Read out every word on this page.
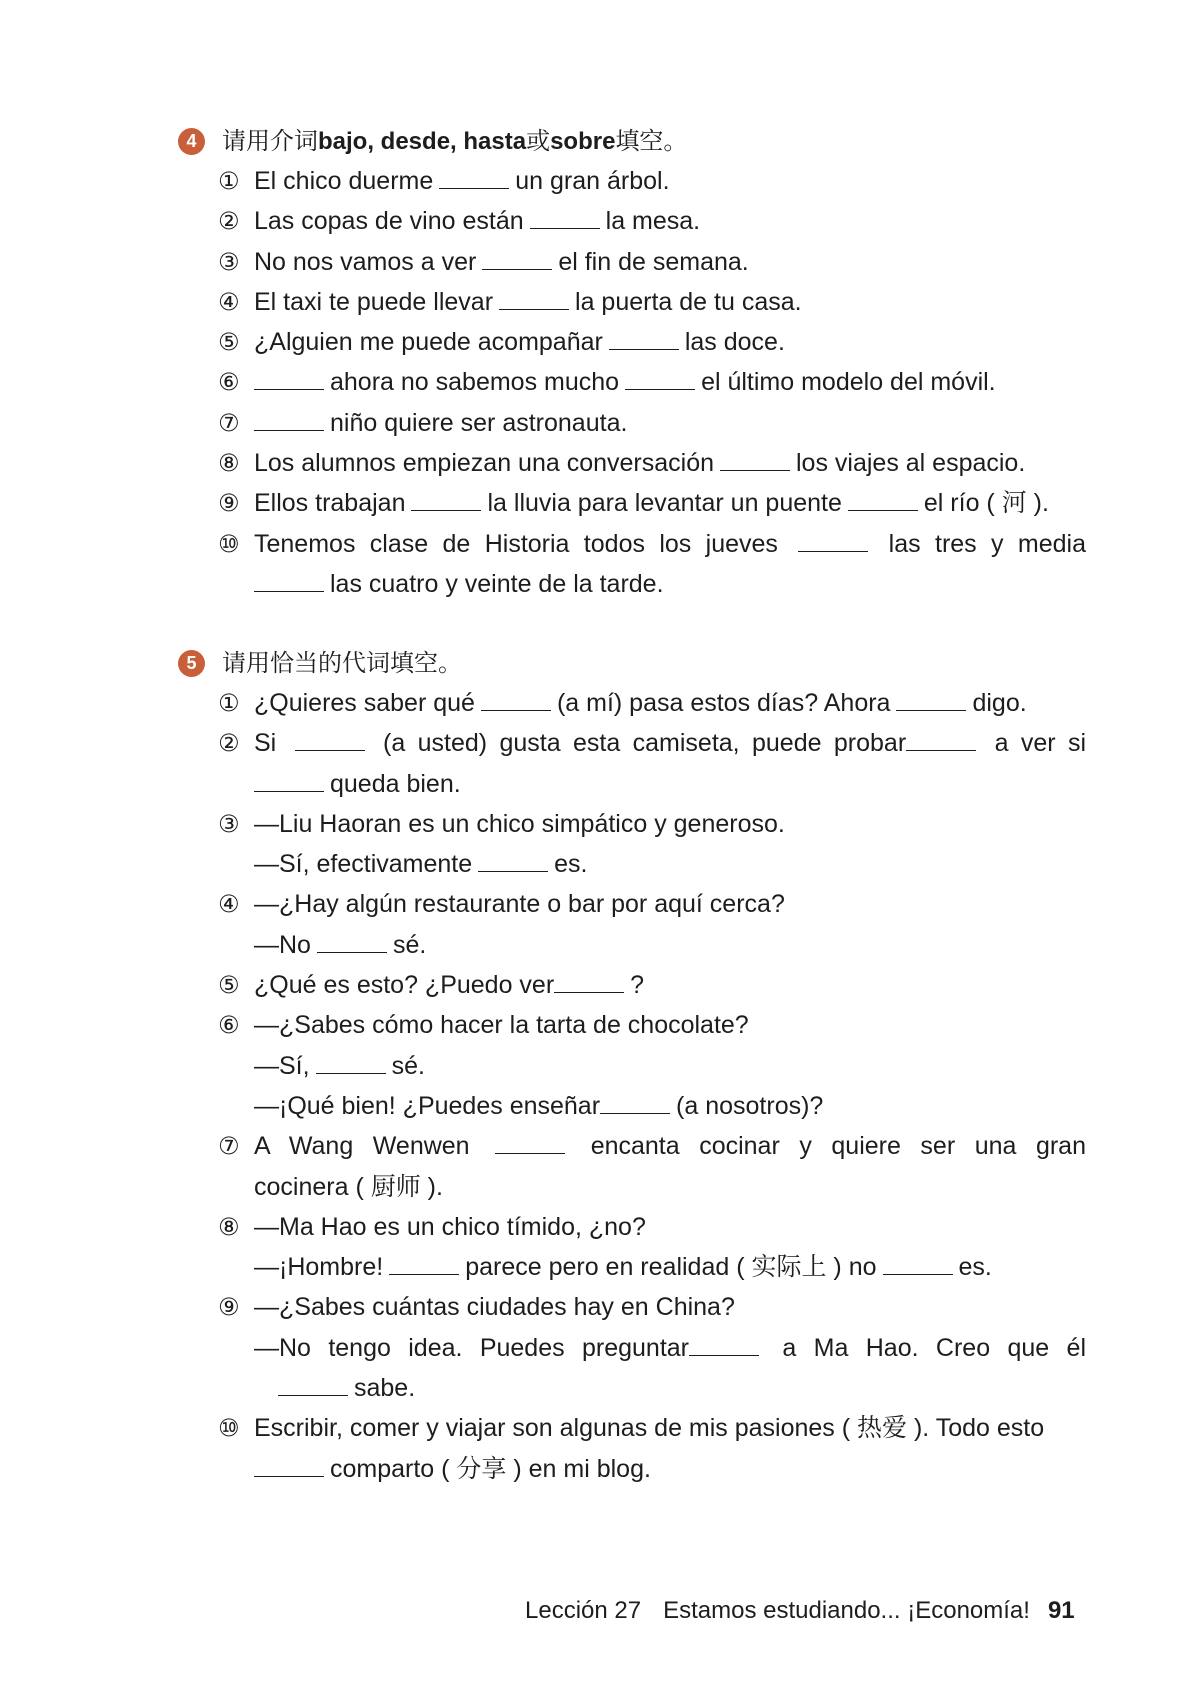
4	请用介词bajo, desde, hasta或sobre填空。
① El chico duerme	un gran árbol.
② Las copas de vino están	la mesa.
③ No nos vamos a ver	el fin de semana.
④ El taxi te puede llevar	la puerta de tu casa.
⑤ ¿Alguien me puede acompañar	las doce.
⑥	ahora no sabemos mucho	el último modelo del móvil.
⑦	niño quiere ser astronauta.
⑧ Los alumnos empiezan una conversación	los viajes al espacio.
⑨ Ellos trabajan	la lluvia para levantar un puente	el río ( 河 ).
⑩ Tenemos clase de Historia todos los jueves	las tres y media
las cuatro y veinte de la tarde.
5	请用恰当的代词填空。
① ¿Quieres saber qué	(a mí) pasa estos días? Ahora	digo.
② Si	(a usted) gusta esta camiseta, puede probar	a ver si
queda bien.
③ —Liu Haoran es un chico simpático y generoso.
—Sí, efectivamente	es.
④ —¿Hay algún restaurante o bar por aquí cerca?
—No	sé.
⑤ ¿Qué es esto? ¿Puedo ver	?
⑥ —¿Sabes cómo hacer la tarta de chocolate?
—Sí,	sé.
—¡Qué bien! ¿Puedes enseñar	(a nosotros)?
⑦ A Wang Wenwen	encanta cocinar y quiere ser una gran
cocinera ( 厨师 ).
⑧ —Ma Hao es un chico tímido, ¿no?
—¡Hombre!	parece pero en realidad ( 实际上 ) no	es.
⑨ —¿Sabes cuántas ciudades hay en China?
—No tengo idea. Puedes preguntar	a Ma Hao. Creo que él
sabe.
⑩ Escribir, comer y viajar son algunas de mis pasiones ( 热爱 ). Todo esto
comparto ( 分享 ) en mi blog.
Lección 27 Estamos estudiando... ¡Economía! 91
